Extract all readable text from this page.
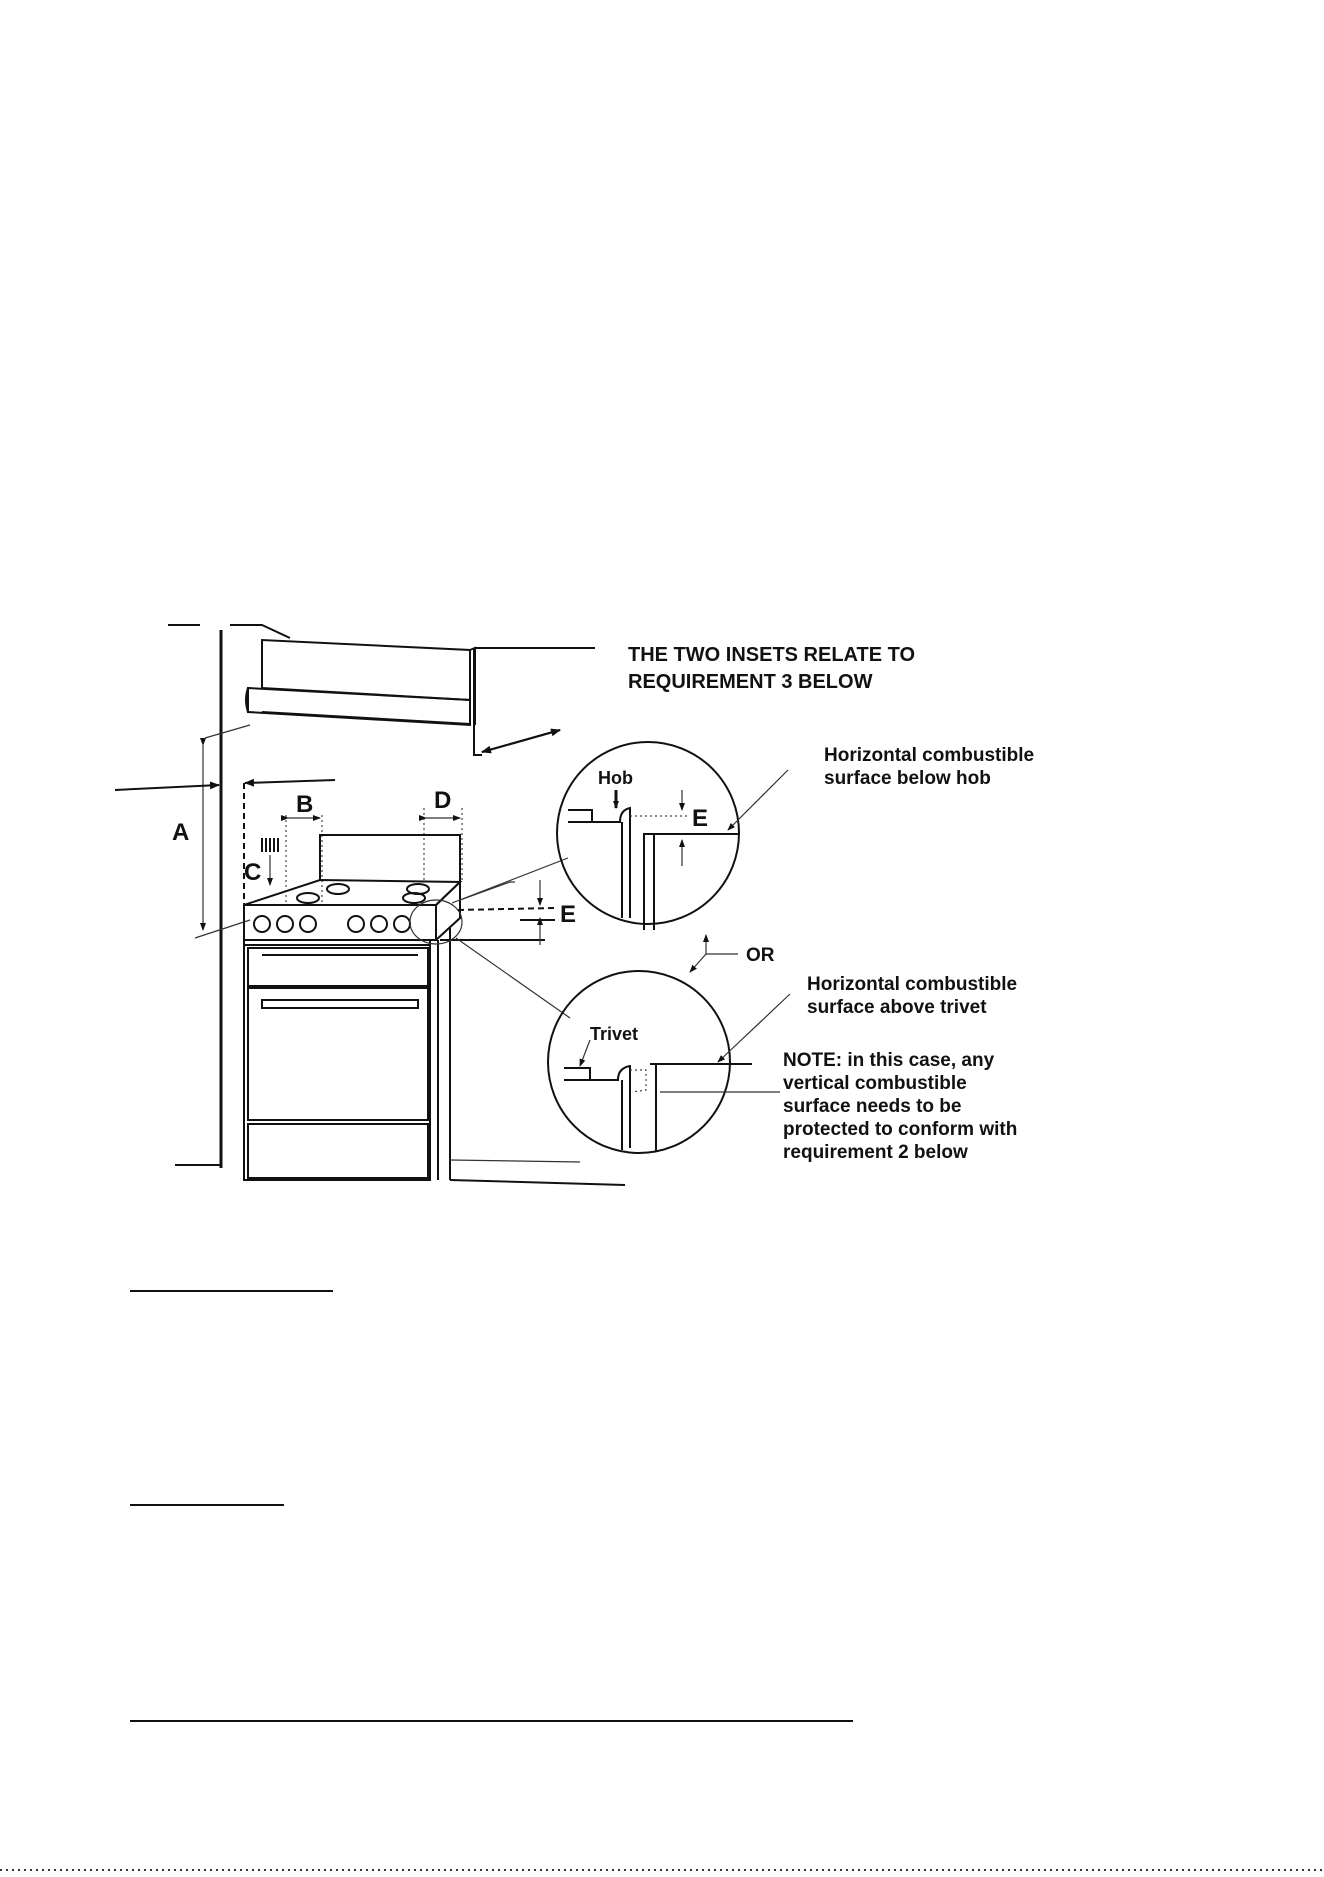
A
B
C
D
E
THE TWO INSETS RELATE TO
REQUIREMENT 3 BELOW
Hob
E
Horizontal combustible
surface below hob
OR
Trivet
Horizontal combustible
surface above trivet
NOTE: in this case, any
vertical combustible
surface needs to be
protected to conform with
requirement 2 below
